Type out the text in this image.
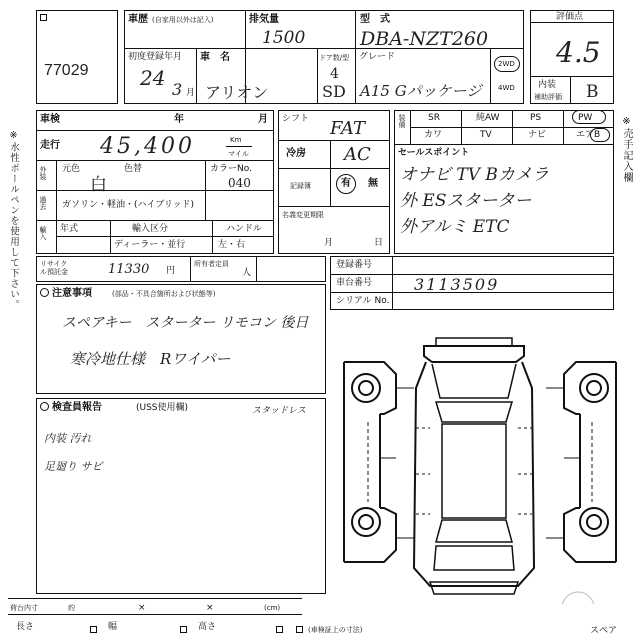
※水性ボールペンを使用して下さい。	※売手記入欄
77029
車歴 (自家用以外は記入)	排気量
1500
型　式
DBA-NZT260
初度登録年月
24 3 月
車　名
アリオン
ドア数/型
4
SD
グレード
A15 Gパッケージ
2WD
4WD
評価点
4.5
内装
補助評価 B
車検	年	月
走行 45,400	Km
マイル
外装 元色	色替
白
カラーNo.
040
過去 ガソリン・軽油・(ハイブリッド)
輸入 年式	輸入区分
ディーラー・並行
ハンドル
左・右
シフト FAT
冷房 AC
記録簿	有 無
名義変更期限
月	日
装備 SR	純AW	PS	PW
カワ	TV	ナビ	エアB
セールスポイント
オナビ TV Bカメラ
外 ESスターター
外アルミ ETC
リサイクル預託金	11330 円
所有者定員
人
登録番号
車台番号	3113509
シリアル No.
注意事項	(部品・不具合箇所および状態等)
スペアキー　スターター リモコン 後日
寒冷地仕様　Rワイパー
検査員報告	(USS使用欄)	スタッドレス
内装 汚れ
足廻り サビ
スペア
荷台内寸	約	×	×	(cm)
長さ	幅	高さ	(車検証上の寸法)
